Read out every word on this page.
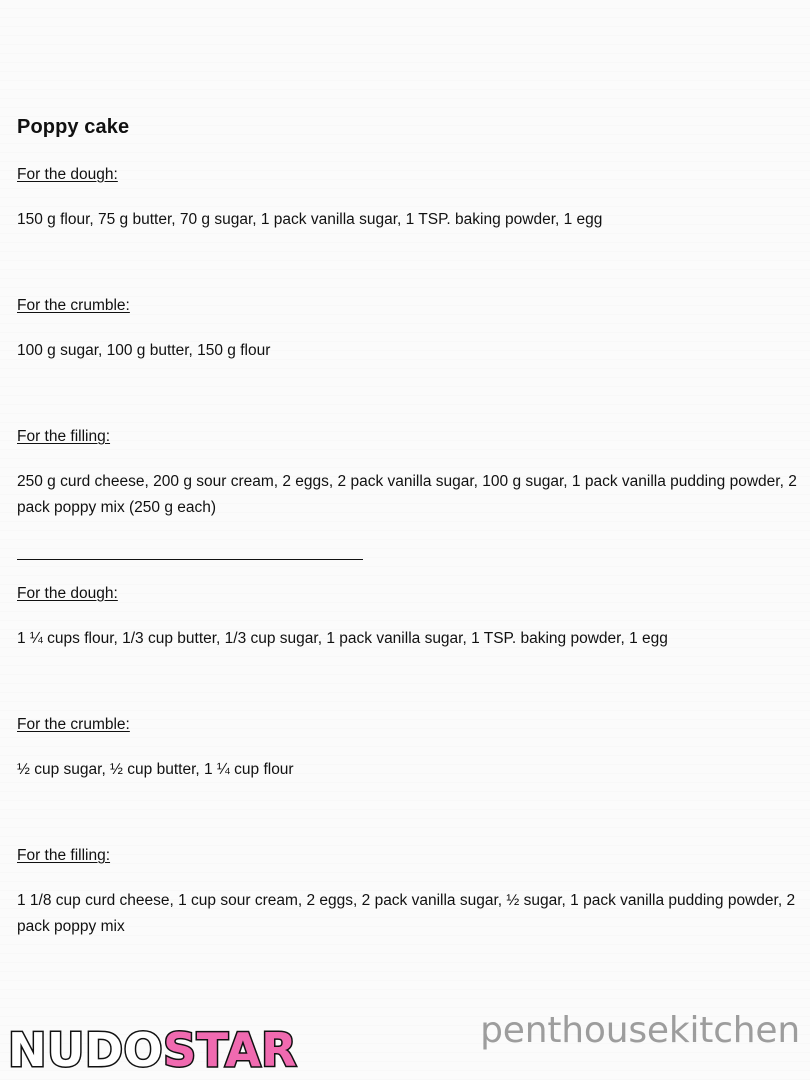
Poppy cake

For the dough:

150 g flour, 75 g butter, 70 g sugar, 1 pack vanilla sugar, 1 TSP. baking powder, 1 egg

For the crumble:

100 g sugar, 100 g butter, 150 g flour

For the filling:

250 g curd cheese, 200 g sour cream, 2 eggs, 2 pack vanilla sugar, 100 g sugar, 1 pack vanilla pudding powder, 2 pack poppy mix (250 g each)

For the dough:

1 ¼ cups flour, 1/3 cup butter, 1/3 cup sugar, 1 pack vanilla sugar, 1 TSP. baking powder, 1 egg

For the crumble:

½ cup sugar, ½ cup butter, 1 ¼ cup flour

For the filling:

1 1/8 cup curd cheese, 1 cup sour cream, 2 eggs, 2 pack vanilla sugar, ½ sugar, 1 pack vanilla pudding powder, 2 pack poppy mix

NUDO STAR	penthousekitchen
